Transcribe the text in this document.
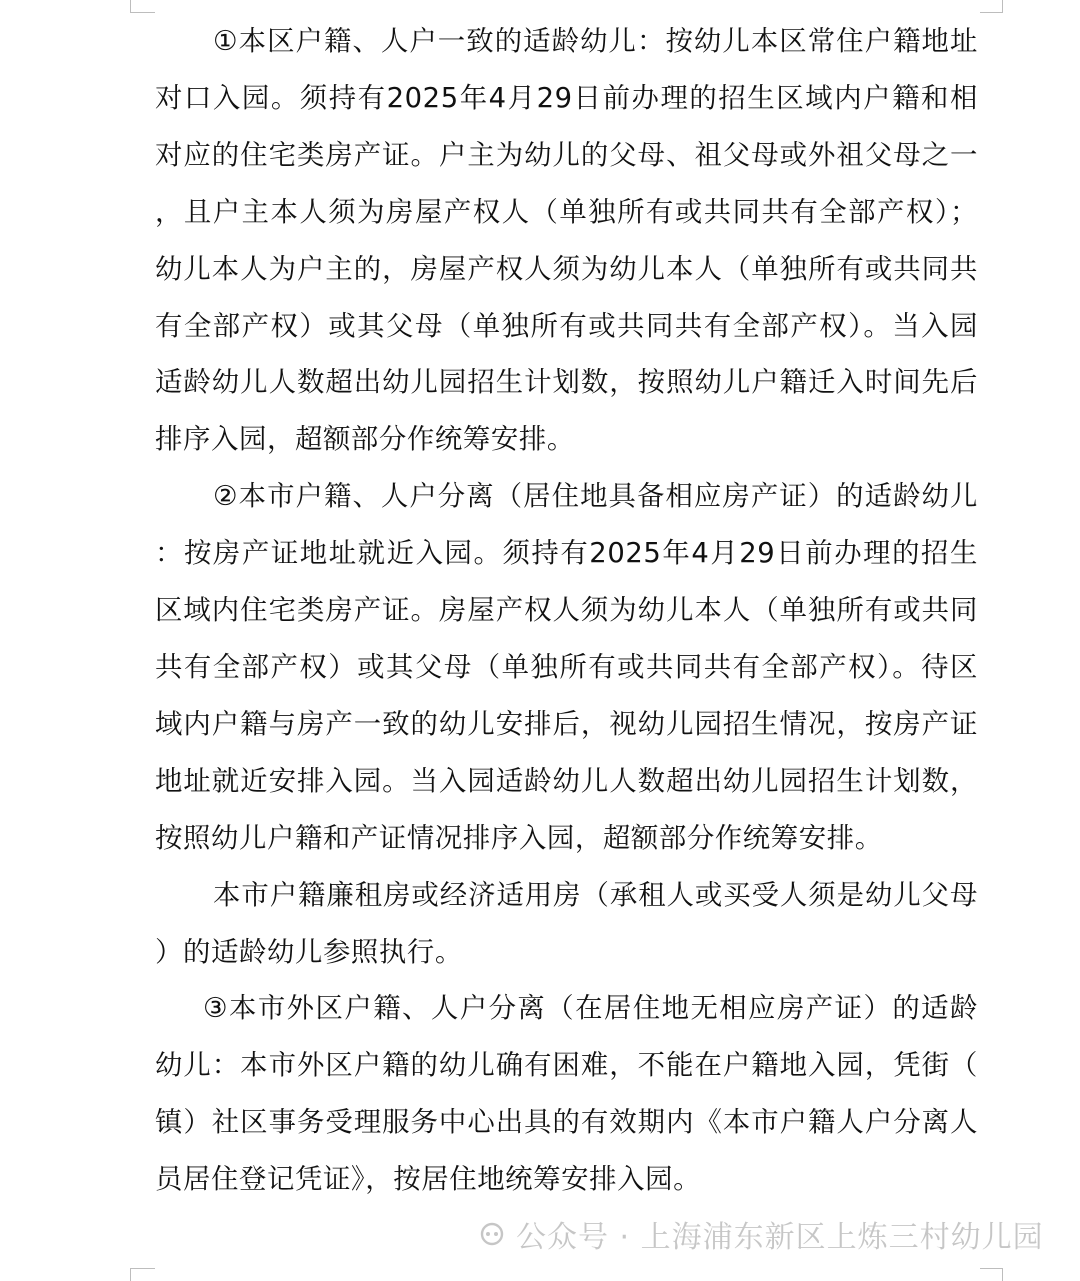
①本区户籍、人户一致的适龄幼儿：按幼儿本区常住户籍地址对口入园。须持有2025年4月29日前办理的招生区域内户籍和相对应的住宅类房产证。户主为幼儿的父母、祖父母或外祖父母之一，且户主本人须为房屋产权人（单独所有或共同共有全部产权）；幼儿本人为户主的，房屋产权人须为幼儿本人（单独所有或共同共有全部产权）或其父母（单独所有或共同共有全部产权）。当入园适龄幼儿人数超出幼儿园招生计划数，按照幼儿户籍迁入时间先后排序入园，超额部分作统筹安排。

②本市户籍、人户分离（居住地具备相应房产证）的适龄幼儿：按房产证地址就近入园。须持有2025年4月29日前办理的招生区域内住宅类房产证。房屋产权人须为幼儿本人（单独所有或共同共有全部产权）或其父母（单独所有或共同共有全部产权）。待区域内户籍与房产一致的幼儿安排后，视幼儿园招生情况，按房产证地址就近安排入园。当入园适龄幼儿人数超出幼儿园招生计划数，按照幼儿户籍和产证情况排序入园，超额部分作统筹安排。

本市户籍廉租房或经济适用房（承租人或买受人须是幼儿父母）的适龄幼儿参照执行。

③本市外区户籍、人户分离（在居住地无相应房产证）的适龄幼儿：本市外区户籍的幼儿确有困难，不能在户籍地入园，凭街（镇）社区事务受理服务中心出具的有效期内《本市户籍人户分离人员居住登记凭证》，按居住地统筹安排入园。

公众号 · 上海浦东新区上炼三村幼儿园
